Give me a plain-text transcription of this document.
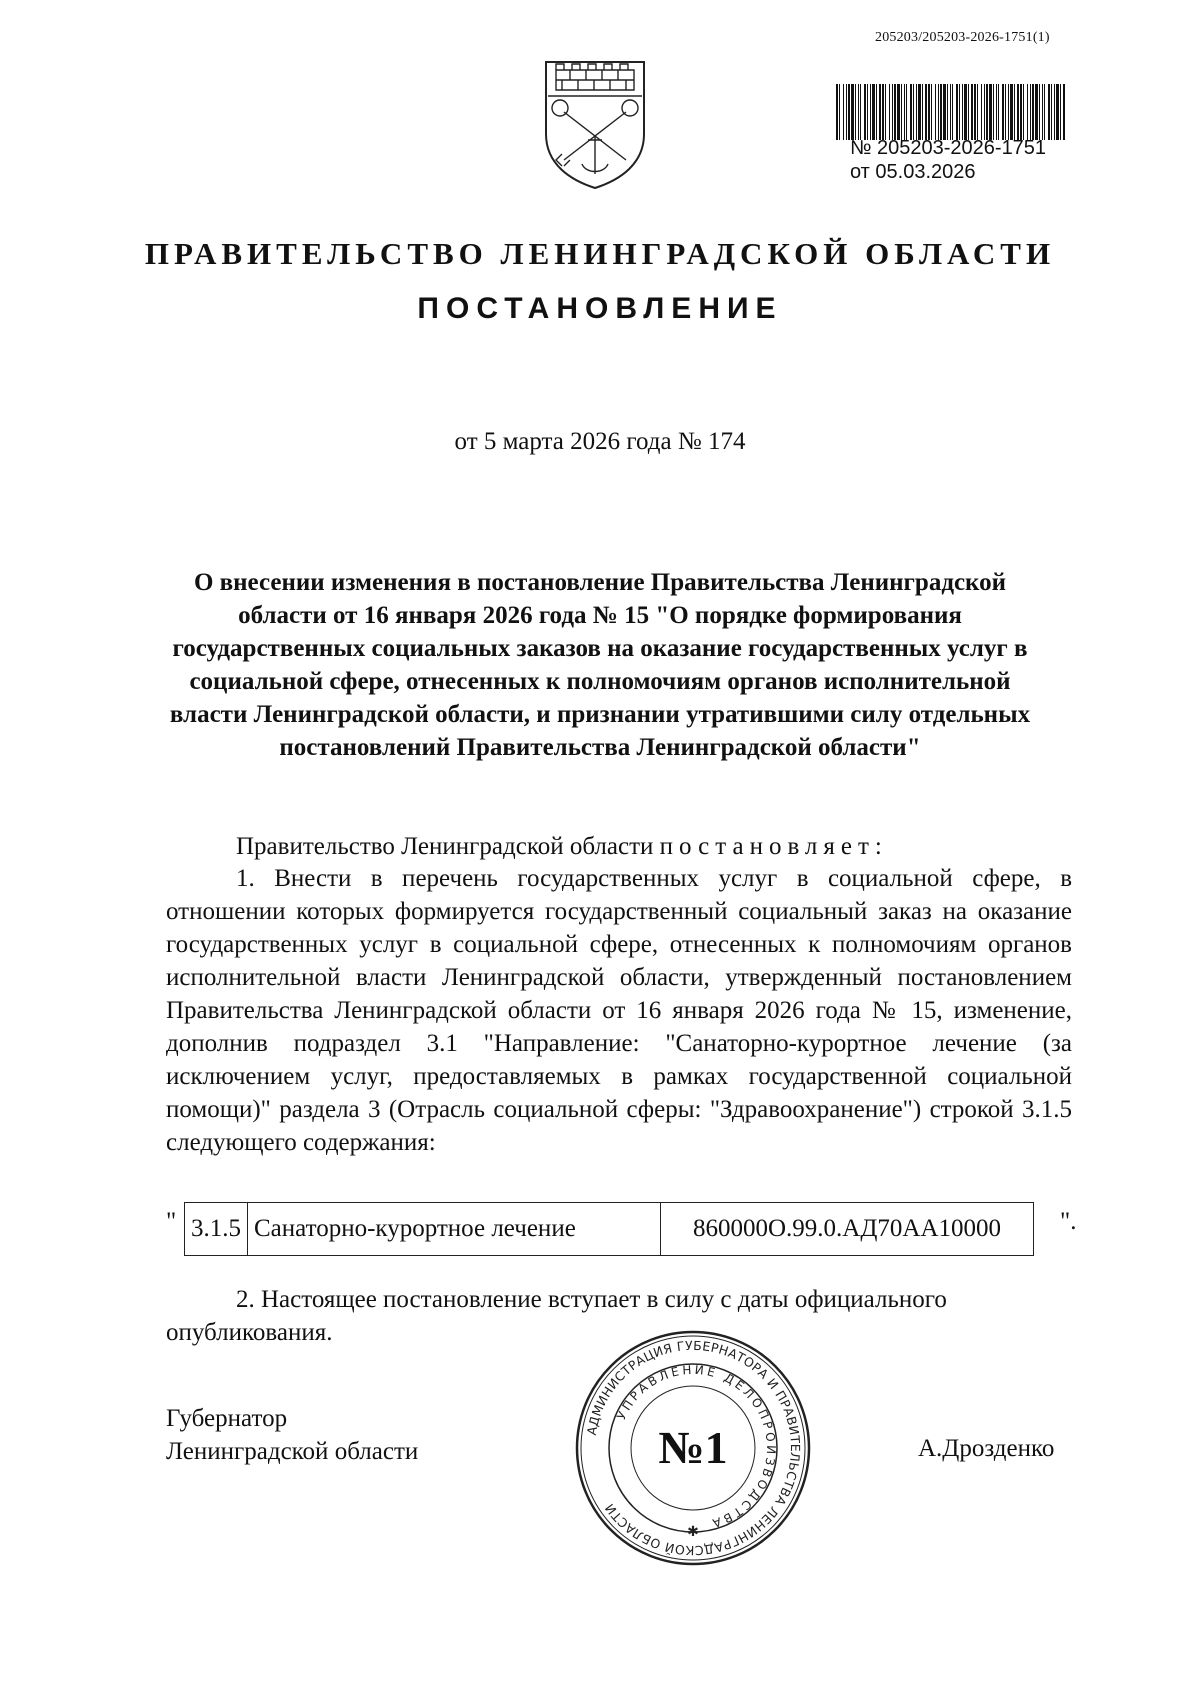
205203/205203-2026-1751(1)
№ 205203-2026-1751
от 05.03.2026
ПРАВИТЕЛЬСТВО ЛЕНИНГРАДСКОЙ ОБЛАСТИ
ПОСТАНОВЛЕНИЕ
от 5 марта 2026 года № 174
О внесении изменения в постановление Правительства Ленинградской области от 16 января 2026 года № 15 "О порядке формирования государственных социальных заказов на оказание государственных услуг в социальной сфере, отнесенных к полномочиям органов исполнительной власти Ленинградской области, и признании утратившими силу отдельных постановлений Правительства Ленинградской области"
Правительство Ленинградской области постановляет:
1. Внести в перечень государственных услуг в социальной сфере, в отношении которых формируется государственный социальный заказ на оказание государственных услуг в социальной сфере, отнесенных к полномочиям органов исполнительной власти Ленинградской области, утвержденный постановлением Правительства Ленинградской области от 16 января 2026 года № 15, изменение, дополнив подраздел 3.1 "Направление: "Санаторно-курортное лечение (за исключением услуг, предоставляемых в рамках государственной социальной помощи)" раздела 3 (Отрасль социальной сферы: "Здравоохранение") строкой 3.1.5 следующего содержания:
" 3.1.5	Санаторно-курортное лечение	860000О.99.0.АД70АА10000 ".
2. Настоящее постановление вступает в силу с даты официального опубликования.
Губернатор
Ленинградской области
АДМИНИСТРАЦИЯ ГУБЕРНАТОРА И ПРАВИТЕЛЬСТВА ЛЕНИНГРАДСКОЙ ОБЛАСТИ
УПРАВЛЕНИЕ ДЕЛОПРОИЗВОДСТВА
№1
✱
А.Дрозденко
